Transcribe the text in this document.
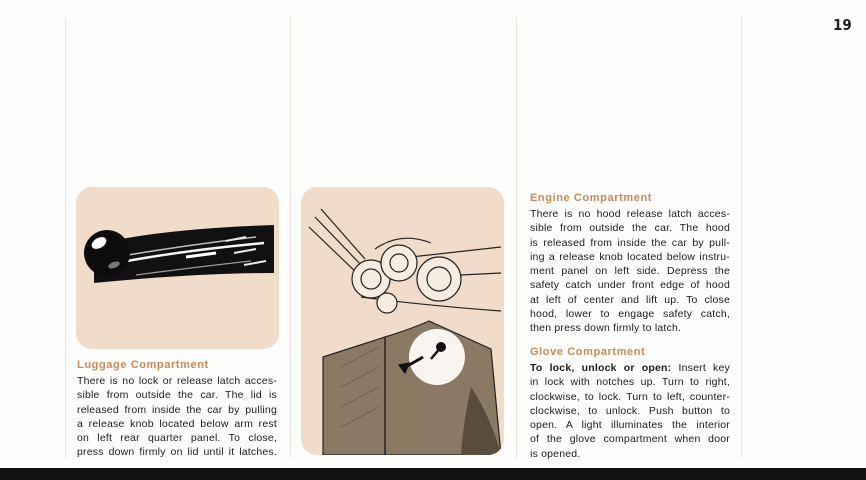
19
Luggage Compartment

There is no lock or release latch acces-

sible from outside the car. The lid is

released from inside the car by pulling

a release knob located below arm rest

on left rear quarter panel. To close,

press down firmly on lid until it latches.

Engine Compartment

There is no hood release latch acces-

sible from outside the car. The hood

is released from inside the car by pull-

ing a release knob located below instru-

ment panel on left side. Depress the

safety catch under front edge of hood

at left of center and lift up. To close

hood, lower to engage safety catch,

then press down firmly to latch.

Glove Compartment

To lock, unlock or open: Insert key

in lock with notches up. Turn to right,

clockwise, to lock. Turn to left, counter-

clockwise, to unlock. Push button to

open. A light illuminates the interior

of the glove compartment when door

is opened.
